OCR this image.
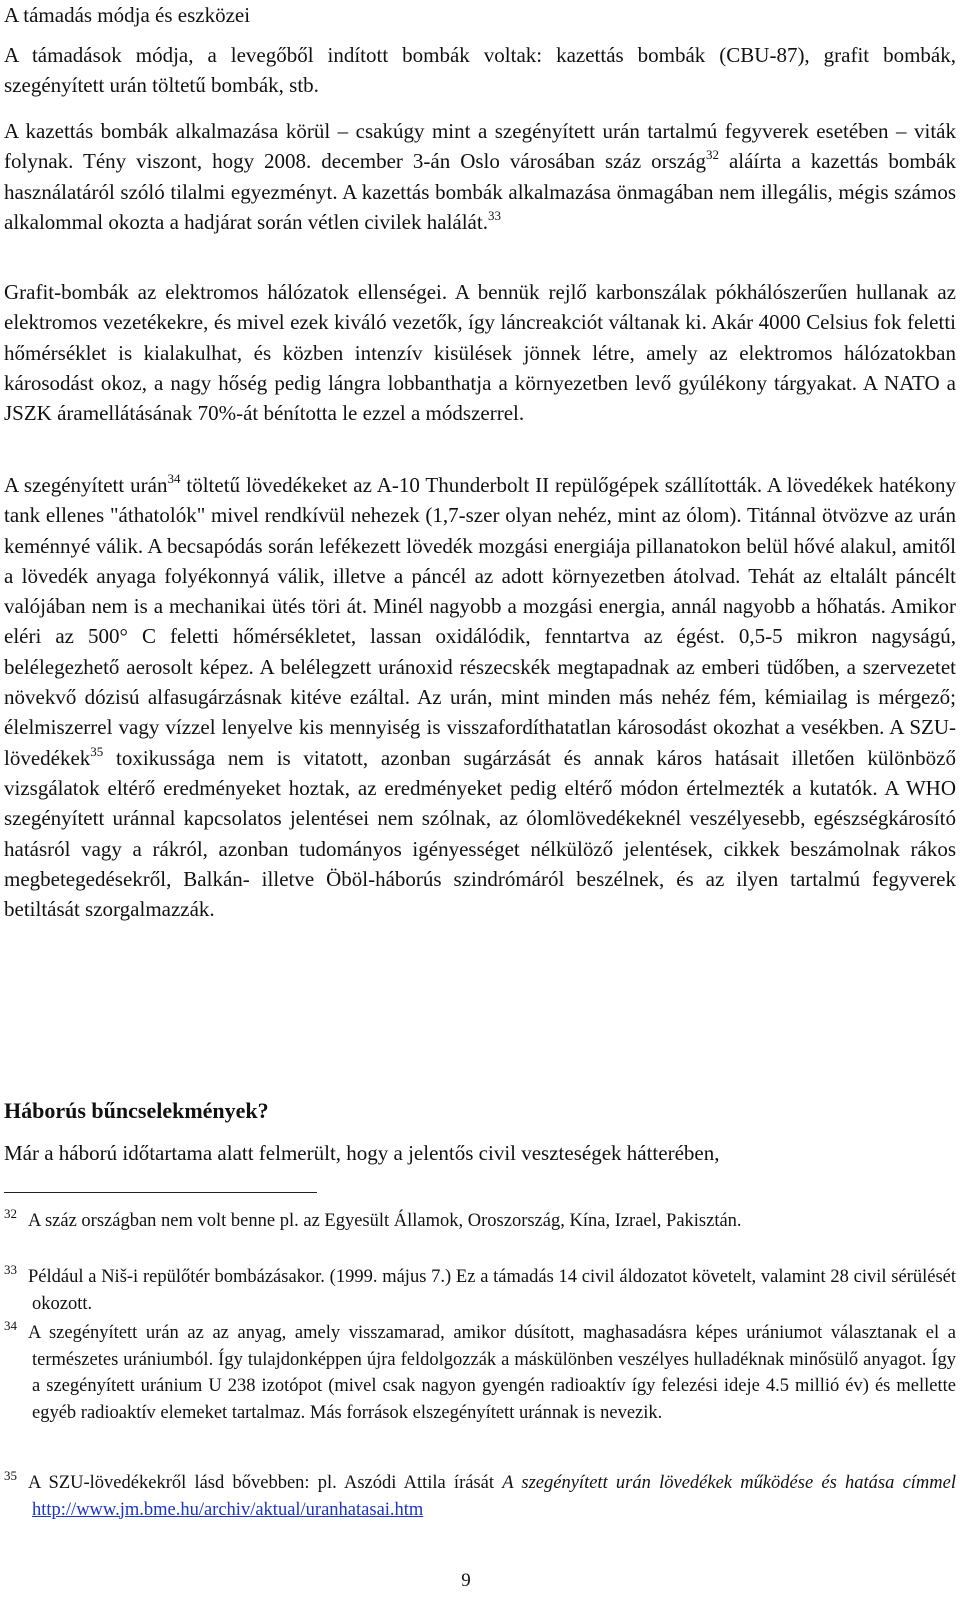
A támadás módja és eszközei

A támadások módja, a levegőből indított bombák voltak: kazettás bombák (CBU-87), grafit bombák, szegényített urán töltetű bombák, stb.

A kazettás bombák alkalmazása körül – csakúgy mint a szegényített urán tartalmú fegyverek esetében – viták folynak. Tény viszont, hogy 2008. december 3-án Oslo városában száz ország$^{32}$ aláírta a kazettás bombák használatáról szóló tilalmi egyezményt. A kazettás bombák alkalmazása önmagában nem illegális, mégis számos alkalommal okozta a hadjárat során vétlen civilek halálát.$^{33}$

Grafit-bombák az elektromos hálózatok ellenségei. A bennük rejlő karbonszálak pókhálószerűen hullanak az elektromos vezetékekre, és mivel ezek kiváló vezetők, így láncreakciót váltanak ki. Akár 4000 Celsius fok feletti hőmérséklet is kialakulhat, és közben intenzív kisülések jönnek létre, amely az elektromos hálózatokban károsodást okoz, a nagy hőség pedig lángra lobbanthatja a környezetben levő gyúlékony tárgyakat. A NATO a JSZK áramellátásának 70%-át bénította le ezzel a módszerrel.

A szegényített urán$^{34}$ töltetű lövedékeket az A-10 Thunderbolt II repülőgépek szállították. A lövedékek hatékony tank ellenes "áthatolók" mivel rendkívül nehezek (1,7-szer olyan nehéz, mint az ólom). Titánnal ötvözve az urán keménnyé válik. A becsapódás során lefékezett lövedék mozgási energiája pillanatokon belül hővé alakul, amitől a lövedék anyaga folyékonnyá válik, illetve a páncél az adott környezetben átolvad. Tehát az eltalált páncélt valójában nem is a mechanikai ütés töri át. Minél nagyobb a mozgási energia, annál nagyobb a hőhatás. Amikor eléri az 500° C feletti hőmérsékletet, lassan oxidálódik, fenntartva az égést. 0,5-5 mikron nagyságú, belélegezhető aerosolt képez. A belélegzett uránoxid részecskék megtapadnak az emberi tüdőben, a szervezetet növekvő dózisú alfasugárzásnak kitéve ezáltal. Az urán, mint minden más nehéz fém, kémiailag is mérgező; élelmiszerrel vagy vízzel lenyelve kis mennyiség is visszafordíthatatlan károsodást okozhat a vesékben. A SZU-lövedékek$^{35}$ toxikussága nem is vitatott, azonban sugárzását és annak káros hatásait illetően különböző vizsgálatok eltérő eredményeket hoztak, az eredményeket pedig eltérő módon értelmezték a kutatók. A WHO szegényített uránnal kapcsolatos jelentései nem szólnak, az ólomlövedékeknél veszélyesebb, egészségkárosító hatásról vagy a rákról, azonban tudományos igényességet nélkülöző jelentések, cikkek beszámolnak rákos megbetegedésekről, Balkán- illetve Öböl-háborús szindrómáról beszélnek, és az ilyen tartalmú fegyverek betiltását szorgalmazzák.

Háborús bűncselekmények?

Már a háború időtartama alatt felmerült, hogy a jelentős civil veszteségek hátterében,

32 A száz országban nem volt benne pl. az Egyesült Államok, Oroszország, Kína, Izrael, Pakisztán.

33 Például a Niš-i repülőtér bombázásakor. (1999. május 7.) Ez a támadás 14 civil áldozatot követelt, valamint 28 civil sérülését okozott.

34 A szegényített urán az az anyag, amely visszamarad, amikor dúsított, maghasadásra képes urániumot választanak el a természetes urániumból. Így tulajdonképpen újra feldolgozzák a máskülönben veszélyes hulladéknak minősülő anyagot. Így a szegényített uránium U 238 izotópot (mivel csak nagyon gyengén radioaktív így felezési ideje 4.5 millió év) és mellette egyéb radioaktív elemeket tartalmaz. Más források elszegényített uránnak is nevezik.

35 A SZU-lövedékekről lásd bővebben: pl. Aszódi Attila írását A szegényített urán lövedékek működése és hatása címmel http://www.jm.bme.hu/archiv/aktual/uranhatasai.htm

9
